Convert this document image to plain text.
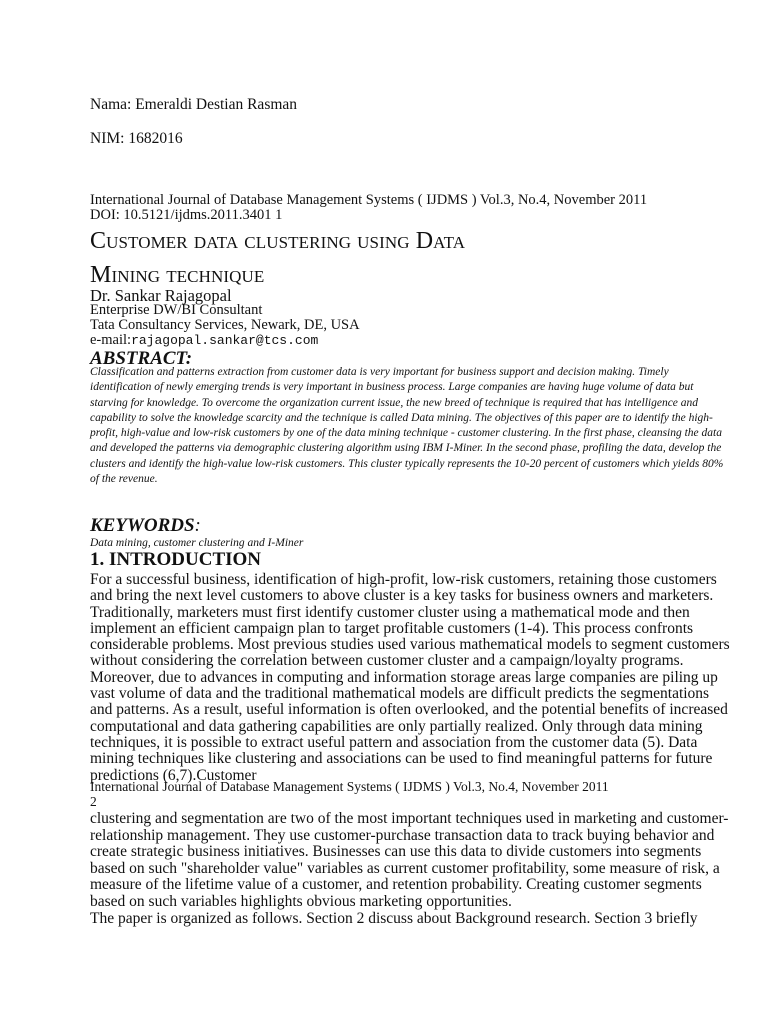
Nama: Emeraldi Destian Rasman

NIM: 1682016

International Journal of Database Management Systems ( IJDMS ) Vol.3, No.4, November 2011

DOI: 10.5121/ijdms.2011.3401 1

Customer data clustering using Data
Mining technique

Dr. Sankar Rajagopal

Enterprise DW/BI Consultant

Tata Consultancy Services, Newark, DE, USA

e-mail:rajagopal.sankar@tcs.com

ABSTRACT:

Classification and patterns extraction from customer data is very important for business support and decision making. Timely identification of newly emerging trends is very important in business process. Large companies are having huge volume of data but starving for knowledge. To overcome the organization current issue, the new breed of technique is required that has intelligence and capability to solve the knowledge scarcity and the technique is called Data mining. The objectives of this paper are to identify the high-profit, high-value and low-risk customers by one of the data mining technique - customer clustering. In the first phase, cleansing the data and developed the patterns via demographic clustering algorithm using IBM I-Miner. In the second phase, profiling the data, develop the clusters and identify the high-value low-risk customers. This cluster typically represents the 10-20 percent of customers which yields 80% of the revenue.

KEYWORDS:

Data mining, customer clustering and I-Miner

1. INTRODUCTION

For a successful business, identification of high-profit, low-risk customers, retaining those customers and bring the next level customers to above cluster is a key tasks for business owners and marketers. Traditionally, marketers must first identify customer cluster using a mathematical mode and then implement an efficient campaign plan to target profitable customers (1-4). This process confronts considerable problems. Most previous studies used various mathematical models to segment customers without considering the correlation between customer cluster and a campaign/loyalty programs. Moreover, due to advances in computing and information storage areas large companies are piling up vast volume of data and the traditional mathematical models are difficult predicts the segmentations and patterns. As a result, useful information is often overlooked, and the potential benefits of increased computational and data gathering capabilities are only partially realized. Only through data mining techniques, it is possible to extract useful pattern and association from the customer data (5). Data mining techniques like clustering and associations can be used to find meaningful patterns for future predictions (6,7).Customer

International Journal of Database Management Systems ( IJDMS ) Vol.3, No.4, November 2011

2

clustering and segmentation are two of the most important techniques used in marketing and customer-relationship management. They use customer-purchase transaction data to track buying behavior and create strategic business initiatives. Businesses can use this data to divide customers into segments based on such "shareholder value" variables as current customer profitability, some measure of risk, a measure of the lifetime value of a customer, and retention probability. Creating customer segments based on such variables highlights obvious marketing opportunities.

The paper is organized as follows. Section 2 discuss about Background research. Section 3 briefly
